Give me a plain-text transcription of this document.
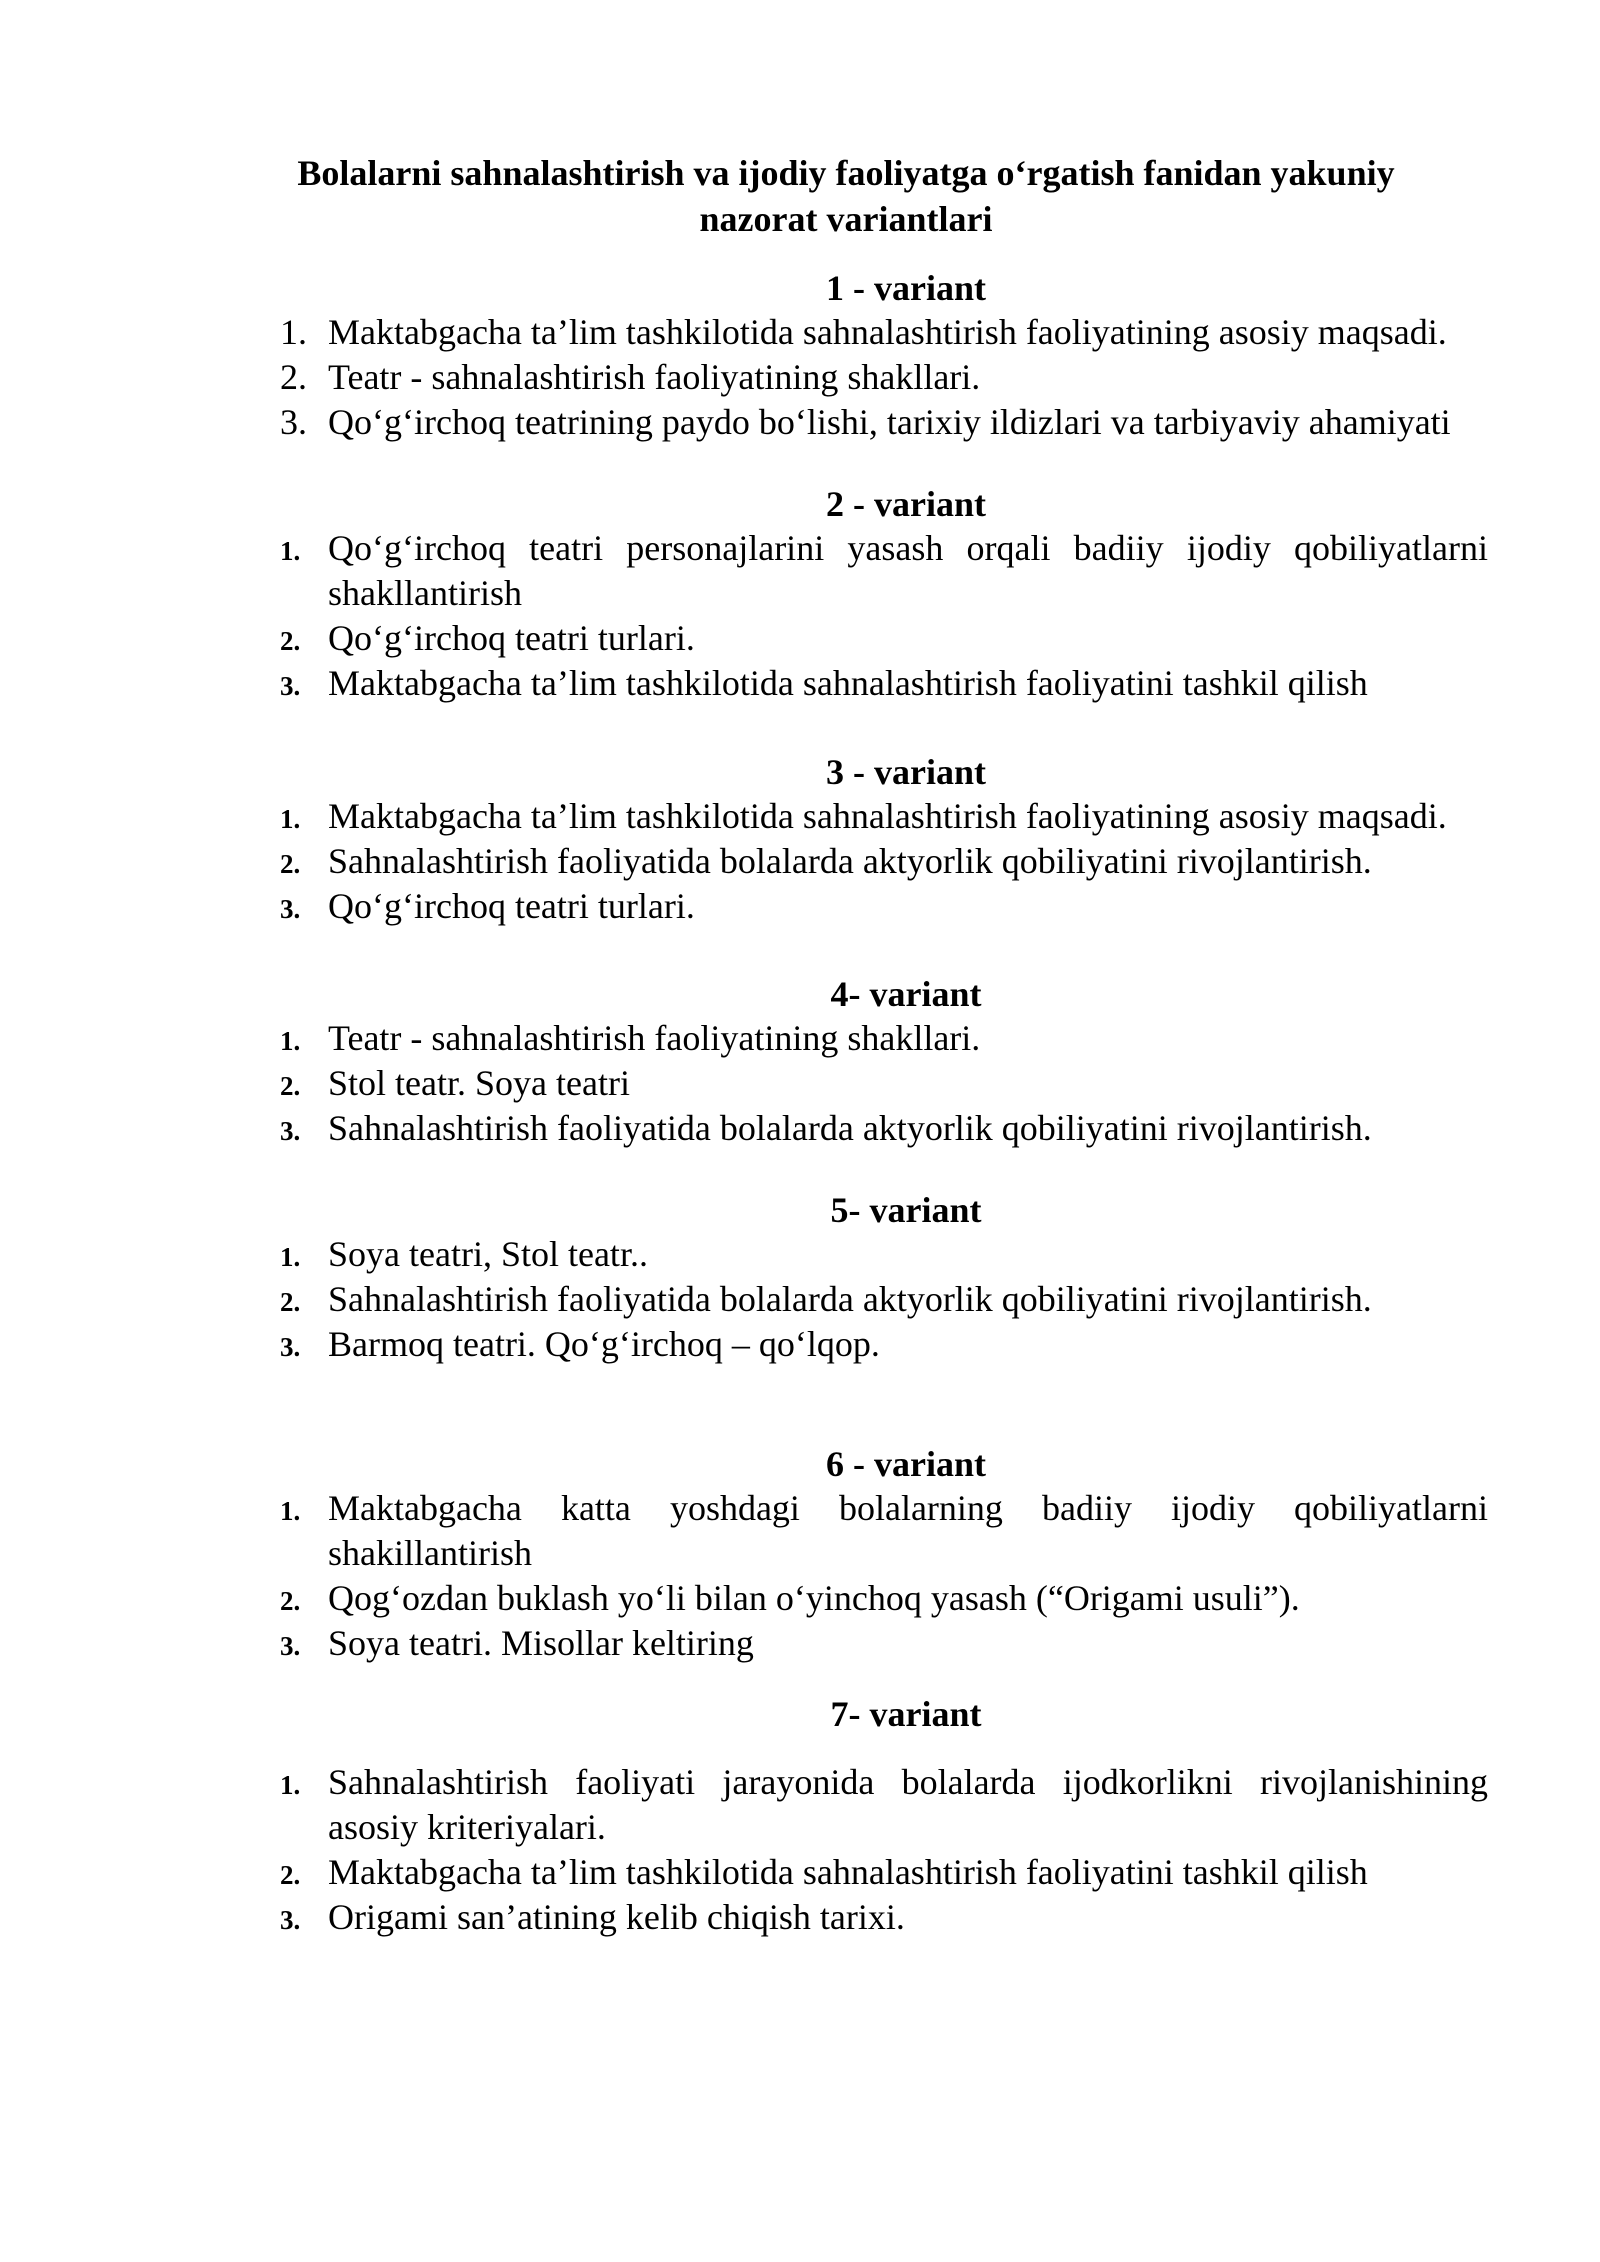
Bolalarni sahnalashtirish va ijodiy faoliyatga o‘rgatish fanidan yakuniy nazorat variantlari
1 - variant
1. Maktabgacha ta’lim tashkilotida sahnalashtirish faoliyatining asosiy maqsadi.
2. Teatr - sahnalashtirish faoliyatining shakllari.
3. Qo‘g‘irchoq teatrining paydo bo‘lishi, tarixiy ildizlari va tarbiyaviy ahamiyati
2 - variant
1. Qo‘g‘irchoq teatri personajlarini yasash orqali badiiy ijodiy qobiliyatlarni shakllantirish
2. Qo‘g‘irchoq teatri turlari.
3. Maktabgacha ta’lim tashkilotida sahnalashtirish faoliyatini tashkil qilish
3 - variant
1. Maktabgacha ta’lim tashkilotida sahnalashtirish faoliyatining asosiy maqsadi.
2. Sahnalashtirish faoliyatida bolalarda aktyorlik qobiliyatini rivojlantirish.
3. Qo‘g‘irchoq teatri turlari.
4- variant
1. Teatr - sahnalashtirish faoliyatining shakllari.
2. Stol teatr. Soya teatri
3. Sahnalashtirish faoliyatida bolalarda aktyorlik qobiliyatini rivojlantirish.
5- variant
1. Soya teatri, Stol teatr..
2. Sahnalashtirish faoliyatida bolalarda aktyorlik qobiliyatini rivojlantirish.
3. Barmoq teatri. Qo‘g‘irchoq – qo‘lqop.
6 - variant
1. Maktabgacha katta yoshdagi bolalarning badiiy ijodiy qobiliyatlarni shakillantirish
2. Qog‘ozdan buklash yo‘li bilan o‘yinchoq yasash (“Origami usuli”).
3. Soya teatri. Misollar keltiring
7- variant
1. Sahnalashtirish faoliyati jarayonida bolalarda ijodkorlikni rivojlanishining asosiy kriteriyalari.
2. Maktabgacha ta’lim tashkilotida sahnalashtirish faoliyatini tashkil qilish
3. Origami san’atining kelib chiqish tarixi.
